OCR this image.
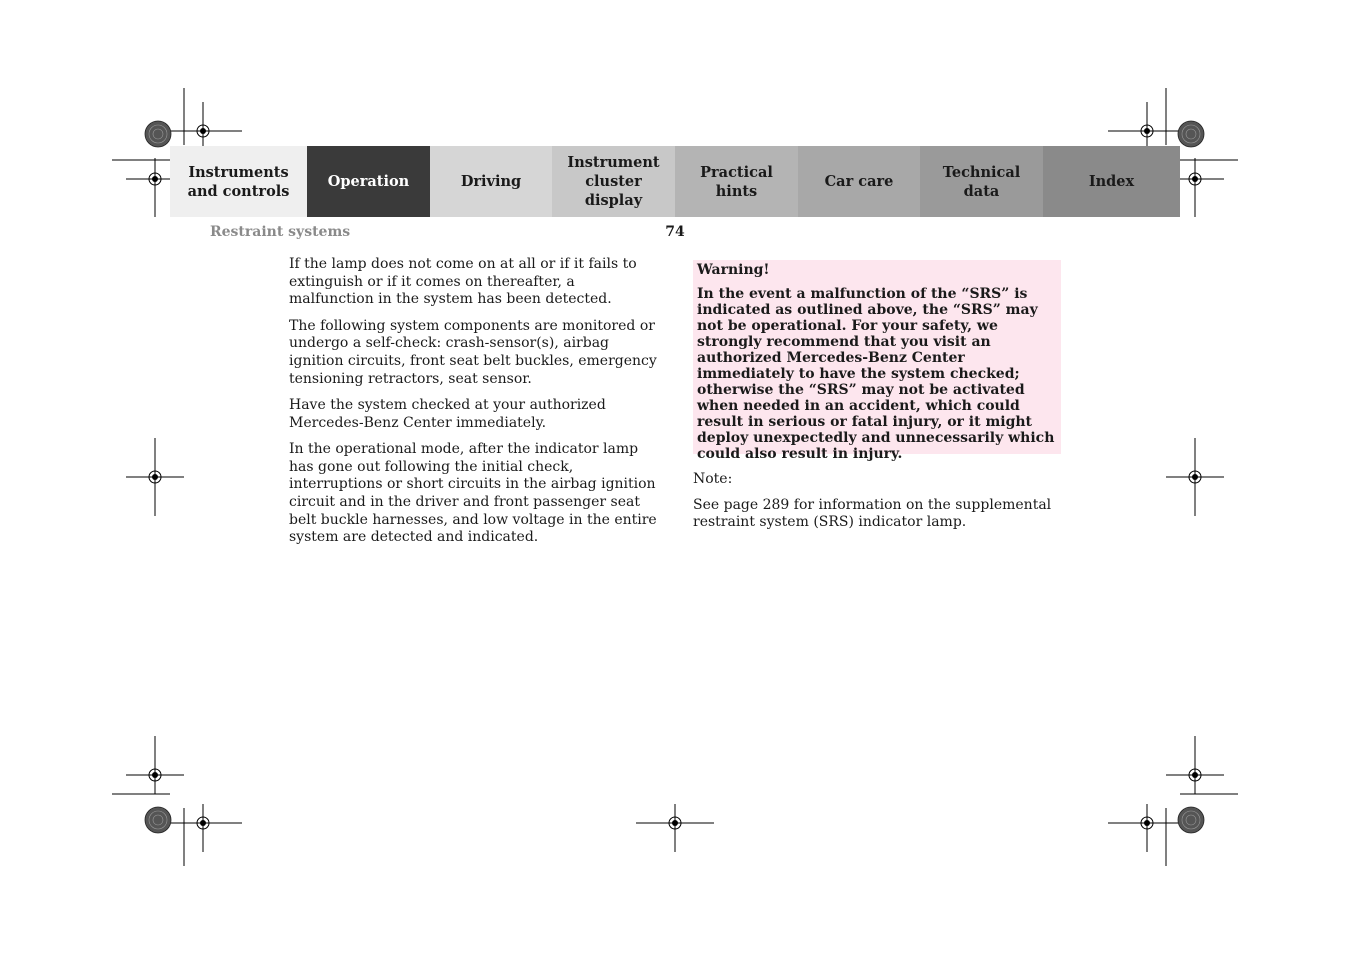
Instruments
and controls
Operation	Driving
Instrument
cluster display
Practical hints
Car care
Technical
data
Index
Restraint systems	74

If the lamp does not come on at all or if it fails to extinguish or if it comes on thereafter, a malfunction in the system has been detected.

The following system components are monitored or undergo a self-check: crash-sensor(s), airbag ignition circuits, front seat belt buckles, emergency tensioning retractors, seat sensor.

Have the system checked at your authorized Mercedes-Benz Center immediately.

In the operational mode, after the indicator lamp has gone out following the initial check, interruptions or short circuits in the airbag ignition circuit and in the driver and front passenger seat belt buckle harnesses, and low voltage in the entire system are detected and indicated.

Warning!

In the event a malfunction of the “SRS” is indicated as outlined above, the “SRS” may not be operational. For your safety, we strongly recommend that you visit an authorized Mercedes-Benz Center immediately to have the system checked; otherwise the “SRS” may not be activated when needed in an accident, which could result in serious or fatal injury, or it might deploy unexpectedly and unnecessarily which could also result in injury.

Note:

See page 289 for information on the supplemental restraint system (SRS) indicator lamp.
